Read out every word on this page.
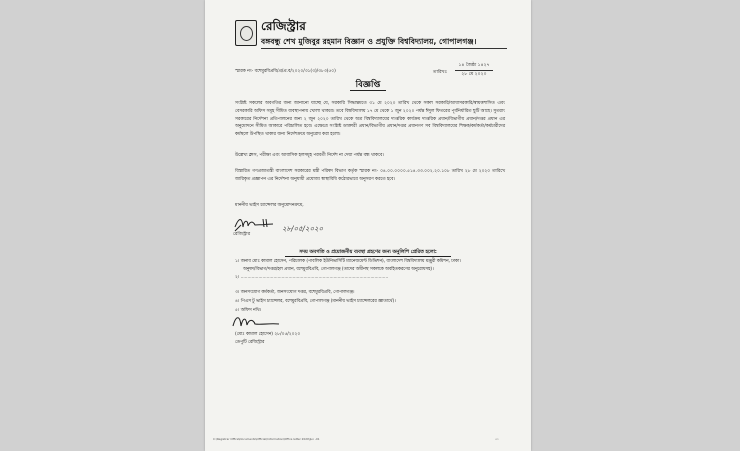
রেজিস্ট্রার
বঙ্গবন্ধু শেখ মুজিবুর রহমান বিজ্ঞান ও প্রযুক্তি বিশ্ববিদ্যালয়, গোপালগঞ্জ।
স্মারক নং- বশেমুরবিপ্রবি/প্র/প্র.ব/২০২০/৩১(৩)/৩৮৩(৫০)	তারিখঃ
১৪ জৈষ্ঠ্য ১৪২৭
২৮ মে ২০২০
বিজ্ঞপ্তি
সংশ্লিষ্ট সকলের অবগতির জন্য জানানো যাচ্ছে যে, সরকারি সিদ্ধান্তমতে ৩১ মে ২০২০ তারিখ থেকে সকল সরকারি/আধাসরকারি/স্বায়ত্তশাসিত এবং বেসরকারি অফিস সমূহ সীমিত ব্যবস্থাপনায় খোলা থাকবে। তবে বিশ্ববিদ্যালয় ১৭ মে থেকে ১ জুন ২০২০ পর্যন্ত ঈদুল ফিতরের পূর্বনির্ধারিত ছুটি আছে। সুতরাং সরকারের নির্দেশনা প্রতিপালনের জন্য ২ জুন ২০২০ তারিখ থেকে অত্র বিশ্ববিদ্যালয়ের দাপ্তরিক কার্যক্রম দাপ্তরিক প্রধান/বিভাগীয় প্রধান/দপ্তর প্রধান এর অনুমোদনে সীমিত আকারে পরিচালিত হবে। এক্ষেত্রে সংশ্লিষ্ট ডাক্তারী প্রধান/বিভাগীয় প্রধান/দপ্তর প্রধানগণ সব বিশ্ববিদ্যালয়ের শিক্ষক/কর্মকর্তা/কর্মচারীদের কর্মস্থলে উপস্থিত থাকার জন্য নির্দেশক্রমে অনুরোধ করা হলো।
উল্লেখ্য ক্লাস, পরীক্ষা এবং আবাসিক হলসমূহ পরবর্তী নির্দেশ না দেয়া পর্যন্ত বন্ধ থাকবে।
বিস্তারিত গণপ্রজাতন্ত্রী বাংলাদেশ সরকারের মন্ত্রী পরিষদ বিভাগ কর্তৃক স্মারক নং- ০৪.০০.০০০০.৫১৪.৩৩.০০২.২০.১০৮ তারিখ ২৮ মে ২০২০ তারিখে জারিকৃত প্রজ্ঞাপন এর নির্দেশনা অনুযায়ী প্রযোজ্য স্বাস্থ্যবিধি কঠোরভাবে অনুসরণ করতে হবে।
মাননীয় ভাইস চ্যান্সেলর অনুমোদনক্রমে,
২৮/০৫/২০২০
রেজিস্ট্রার
সদয় অবগতি ও প্রয়োজনীয় ব্যবস্থা গ্রহণের জন্য অনুলিপি প্রেরিত হলো:
১। জনাব মোঃ কামাল হোসেন, পরিচালক (পাবলিক ইউনিভার্সিটি ম্যানেজমেন্ট ডিভিশন), বাংলাদেশ বিশ্ববিদ্যালয় মঞ্জুরী কমিশন, ঢাকা।
অনুষদ/বিভাগ/দপ্তর/হল প্রধান, বশেমুরবিপ্রবি, গোপালগঞ্জ (তাদের অধীনস্থ সকলকে অবহিতকরণের অনুরোধসহ)।
২। ............................................................................................................
৩। জনসংযোগ কর্মকর্তা, জনসংযোগ দপ্তর, বশেমুরবিপ্রবি, গোপালগঞ্জ।
৪। পিএস টু ভাইস চ্যান্সেলর, বশেমুরবিপ্রবি, গোপালগঞ্জ (মাননীয় ভাইস চ্যান্সেলরের জ্ঞাতার্থে)।
৫। অফিস নথি।
(মোঃ কামাল হোসেন) ২৮/০৫/২০২০
ডেপুটি রেজিস্ট্রার
C:\Registrar Office\Documents\Official\Information\Office letter 2020\Jun -01	৫১
